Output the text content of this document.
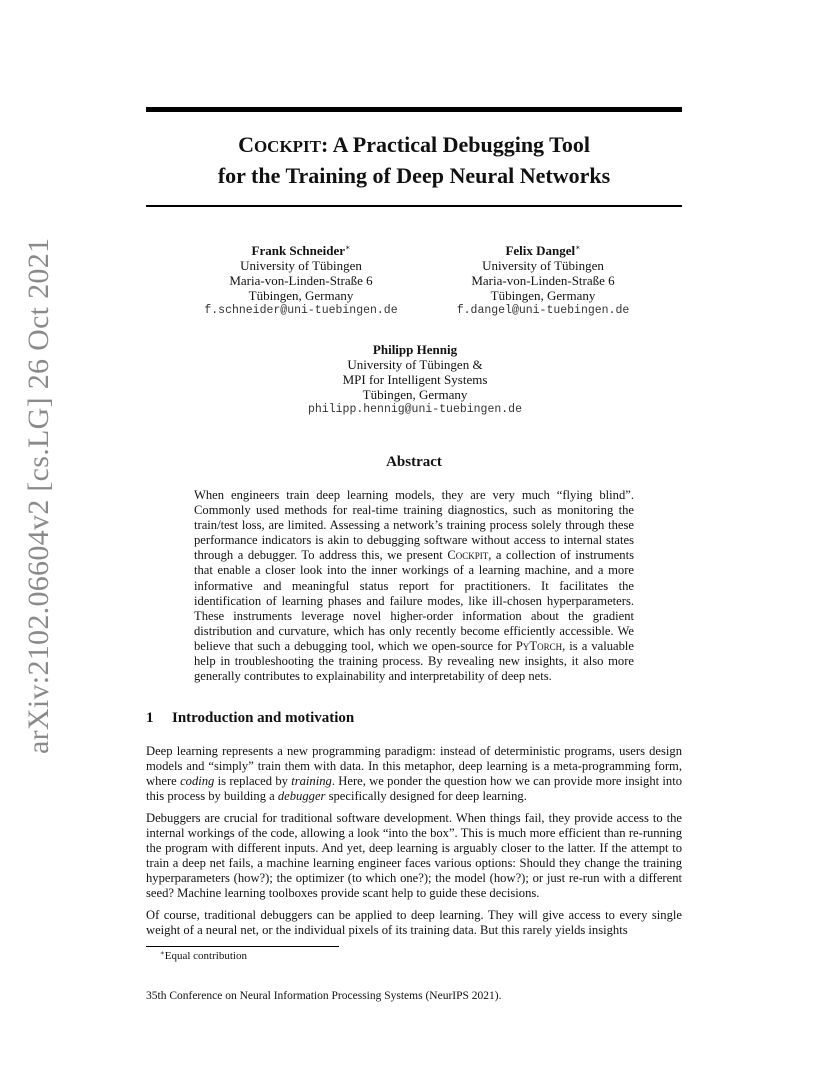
arXiv:2102.06604v2 [cs.LG] 26 Oct 2021
COCKPIT: A Practical Debugging Tool
for the Training of Deep Neural Networks
Frank Schneider∗
University of Tübingen
Maria-von-Linden-Straße 6
Tübingen, Germany
f.schneider@uni-tuebingen.de
Felix Dangel∗
University of Tübingen
Maria-von-Linden-Straße 6
Tübingen, Germany
f.dangel@uni-tuebingen.de
Philipp Hennig
University of Tübingen &
MPI for Intelligent Systems
Tübingen, Germany
philipp.hennig@uni-tuebingen.de
Abstract

When engineers train deep learning models, they are very much “flying blind”. Commonly used methods for real-time training diagnostics, such as monitoring the train/test loss, are limited. Assessing a network’s training process solely through these performance indicators is akin to debugging software without access to internal states through a debugger. To address this, we present Cockpit, a collection of instruments that enable a closer look into the inner workings of a learning machine, and a more informative and meaningful status report for practitioners. It facilitates the identification of learning phases and failure modes, like ill-chosen hyperparameters. These instruments leverage novel higher-order information about the gradient distribution and curvature, which has only recently become efficiently accessible. We believe that such a debugging tool, which we open-source for PyTorch, is a valuable help in troubleshooting the training process. By revealing new insights, it also more generally contributes to explainability and interpretability of deep nets.

1 Introduction and motivation

Deep learning represents a new programming paradigm: instead of deterministic programs, users design models and “simply” train them with data. In this metaphor, deep learning is a meta-programming form, where coding is replaced by training. Here, we ponder the question how we can provide more insight into this process by building a debugger specifically designed for deep learning.

Debuggers are crucial for traditional software development. When things fail, they provide access to the internal workings of the code, allowing a look “into the box”. This is much more efficient than re-running the program with different inputs. And yet, deep learning is arguably closer to the latter. If the attempt to train a deep net fails, a machine learning engineer faces various options: Should they change the training hyperparameters (how?); the optimizer (to which one?); the model (how?); or just re-run with a different seed? Machine learning toolboxes provide scant help to guide these decisions.

Of course, traditional debuggers can be applied to deep learning. They will give access to every single weight of a neural net, or the individual pixels of its training data. But this rarely yields insights

∗Equal contribution

35th Conference on Neural Information Processing Systems (NeurIPS 2021).
